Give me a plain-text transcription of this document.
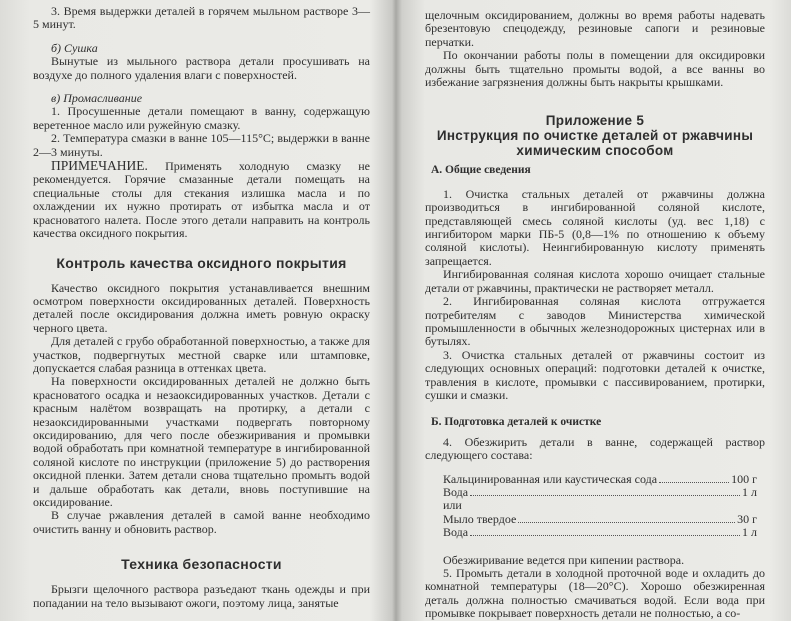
3. Время выдержки деталей в горячем мыльном растворе 3—5 минут.

б) Сушка

Вынутые из мыльного раствора детали просушивать на воздухе до полного удаления влаги с поверхностей.

в) Промасливание

1. Просушенные детали помещают в ванну, содержащую веретенное масло или ружейную смазку.

2. Температура смазки в ванне 105—115°С; выдержки в ванне 2—3 минуты.

ПРИМЕЧАНИЕ. Применять холодную смазку не рекомендуется. Горячие смазанные детали помещать на специальные столы для стекания излишка масла и по охлаждении их нужно протирать от избытка масла и от красноватого налета. После этого детали направить на контроль качества оксидного покрытия.

Контроль качества оксидного покрытия

Качество оксидного покрытия устанавливается внешним осмотром поверхности оксидированных деталей. Поверхность деталей после оксидирования должна иметь ровную окраску черного цвета.

Для деталей с грубо обработанной поверхностью, а также для участков, подвергнутых местной сварке или штамповке, допускается слабая разница в оттенках цвета.

На поверхности оксидированных деталей не должно быть красноватого осадка и незаоксидированных участков. Детали с красным налётом возвращать на протирку, а детали с незаоксидированными участками подвергать повторному оксидированию, для чего после обезжиривания и промывки водой обработать при комнатной температуре в ингибированной соляной кислоте по инструкции (приложение 5) до растворения оксидной пленки. Затем детали снова тщательно промыть водой и дальше обработать как детали, вновь поступившие на оксидирование.

В случае ржавления деталей в самой ванне необходимо очистить ванну и обновить раствор.

Техника безопасности

Брызги щелочного раствора разъедают ткань одежды и при попадании на тело вызывают ожоги, поэтому лица, занятые

щелочным оксидированием, должны во время работы надевать брезентовую спецодежду, резиновые сапоги и резиновые перчатки.

По окончании работы полы в помещении для оксидировки должны быть тщательно промыты водой, а все ванны во избежание загрязнения должны быть накрыты крышками.

Приложение 5

Инструкция по очистке деталей от ржавчины

химическим способом

А. Общие сведения

1. Очистка стальных деталей от ржавчины должна производиться в ингибированной соляной кислоте, представляющей смесь соляной кислоты (уд. вес 1,18) с ингибитором марки ПБ-5 (0,8—1% по отношению к объему соляной кислоты). Неингибированную кислоту применять запрещается.

Ингибированная соляная кислота хорошо очищает стальные детали от ржавчины, практически не растворяет металл.

2. Ингибированная соляная кислота отгружается потребителям с заводов Министерства химической промышленности в обычных железнодорожных цистернах или в бутылях.

3. Очистка стальных деталей от ржавчины состоит из следующих основных операций: подготовки деталей к очистке, травления в кислоте, промывки с пассивированием, протирки, сушки и смазки.

Б. Подготовка деталей к очистке

4. Обезжирить детали в ванне, содержащей раствор следующего состава:

Кальцинированная или каустическая сода	100 г
Вода	1 л
или
Мыло твердое	30 г
Вода	1 л

Обезжиривание ведется при кипении раствора.

5. Промыть детали в холодной проточной воде и охладить до комнатной температуры (18—20°С). Хорошо обезжиренная деталь должна полностью смачиваться водой. Если вода при промывке покрывает поверхность детали не полностью, а со-
